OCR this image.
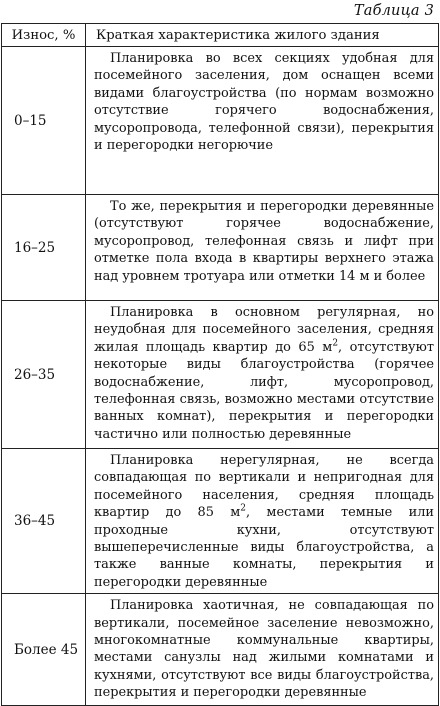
Таблица 3
Износ, %	Краткая характеристика жилого здания
0–15	Планировка во всех секциях удобная для посемейного заселения, дом оснащен всеми видами благоустройства (по нормам возможно отсутствие горячего водоснабжения, мусоропровода, телефонной связи), перекрытия и перегородки негорючие
16–25	То же, перекрытия и перегородки деревянные (отсутствуют горячее водоснабжение, мусоропровод, телефонная связь и лифт при отметке пола входа в квартиры верхнего этажа над уровнем тротуара или отметки 14 м и более
26–35	Планировка в основном регулярная, но неудобная для посемейного заселения, средняя жилая площадь квартир до 65 $м^2$, отсутствуют некоторые виды благоустройства (горячее водоснабжение, лифт, мусоропровод, телефонная связь, возможно местами отсутствие ванных комнат), перекрытия и перегородки частично или полностью деревянные
36–45	Планировка нерегулярная, не всегда совпадающая по вертикали и непригодная для посемейного населения, средняя площадь квартир до 85 $м^2$, местами темные или проходные кухни, отсутствуют вышеперечисленные виды благоустройства, а также ванные комнаты, перекрытия и перегородки деревянные
Более 45	Планировка хаотичная, не совпадающая по вертикали, посемейное заселение невозможно, многокомнатные коммунальные квартиры, местами санузлы над жилыми комнатами и кухнями, отсутствуют все виды благоустройства, перекрытия и перегородки деревянные
